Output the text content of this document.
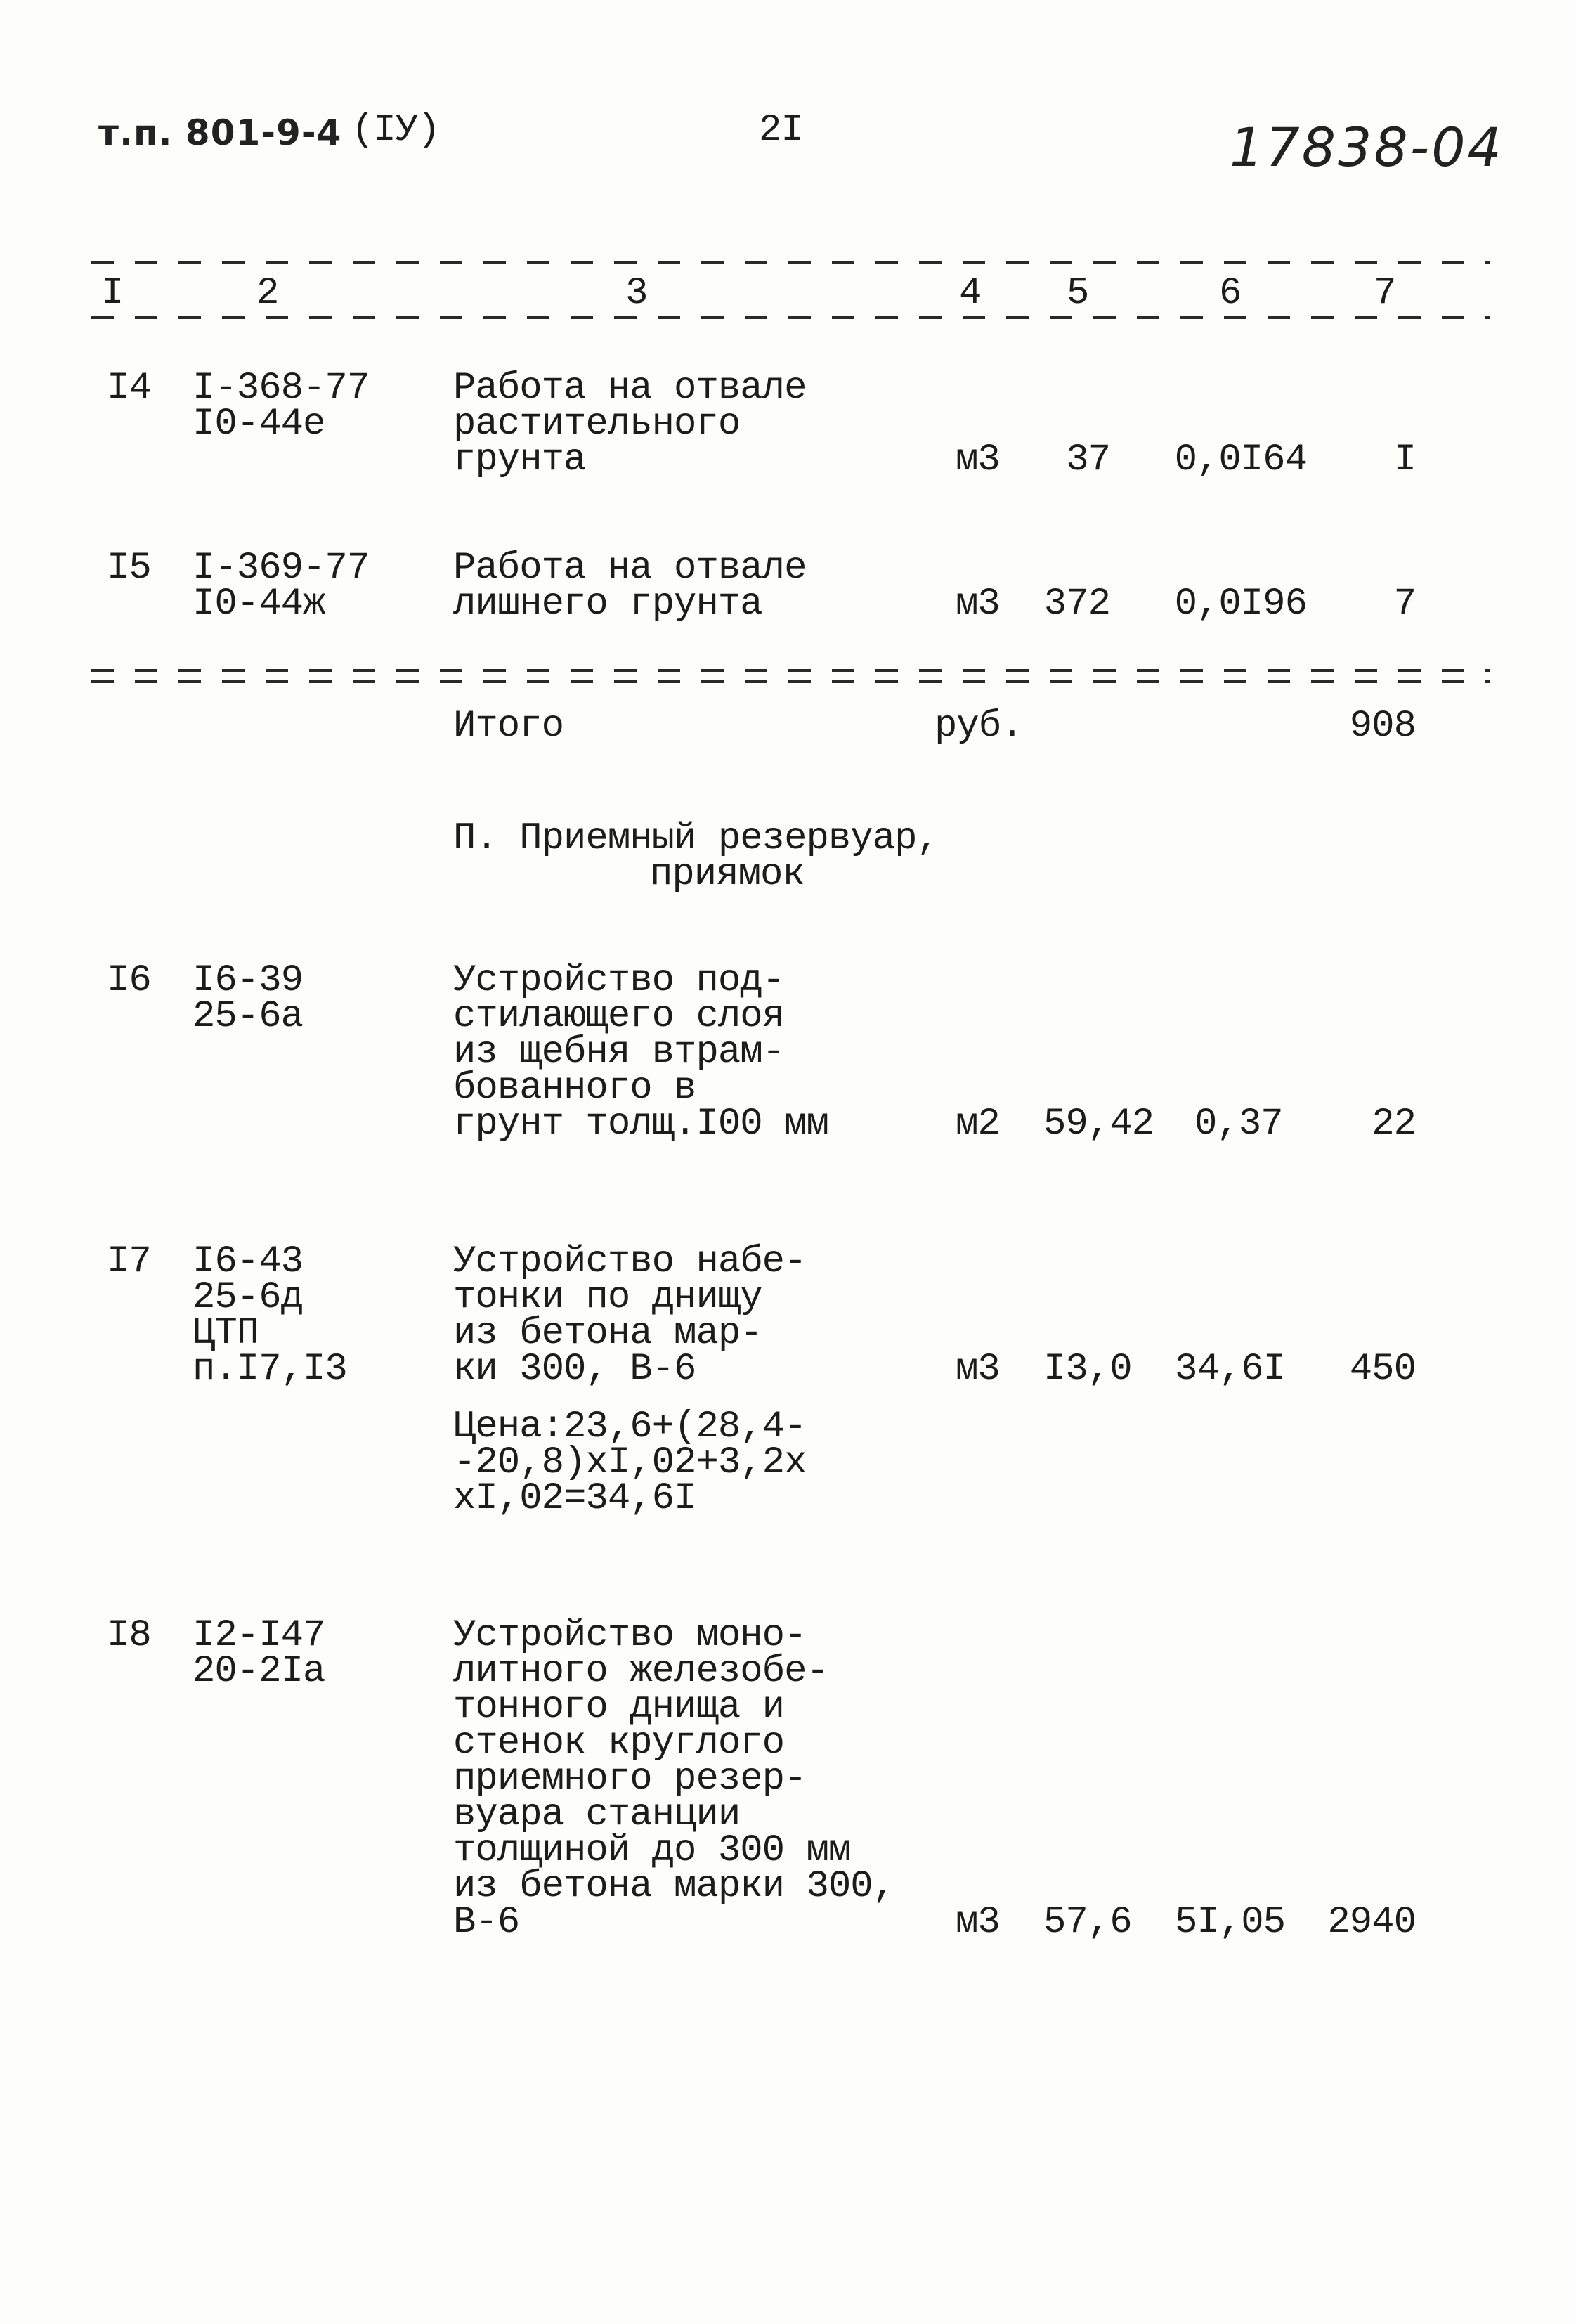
т.п. 801-9-4 (IУ)	2I	17838-04
I	2	3	4 5	6	7
I4 I-368-77
I0-44е
Работа на отвале
растительного
грунта	м3	37	0,0I64	I
I5 I-369-77
I0-44ж
Работа на отвале
лишнего грунта	м3 372	0,0I96	7
Итого	руб.	908
П. Приемный резервуар,
приямок
I6 I6-39
25-6а
Устройство под-
стилающего слоя
из щебня втрам-
бованного в
грунт толщ.I00 мм	м2 59,42 0,37	22
I7 I6-43
25-6д
ЦТП
п.I7,I3
Устройство набе-
тонки по днищу
из бетона мар-
ки 300, В-6	м3 I3,0 34,6I	450
Цена:23,6+(28,4-
-20,8)хI,02+3,2х
хI,02=34,6I
I8 I2-I47
20-2Iа
Устройство моно-
литного железобе-
тонного днища и
стенок круглого
приемного резер-
вуара станции
толщиной до 300 мм
из бетона марки 300,
В-6	м3 57,6 5I,05	2940
